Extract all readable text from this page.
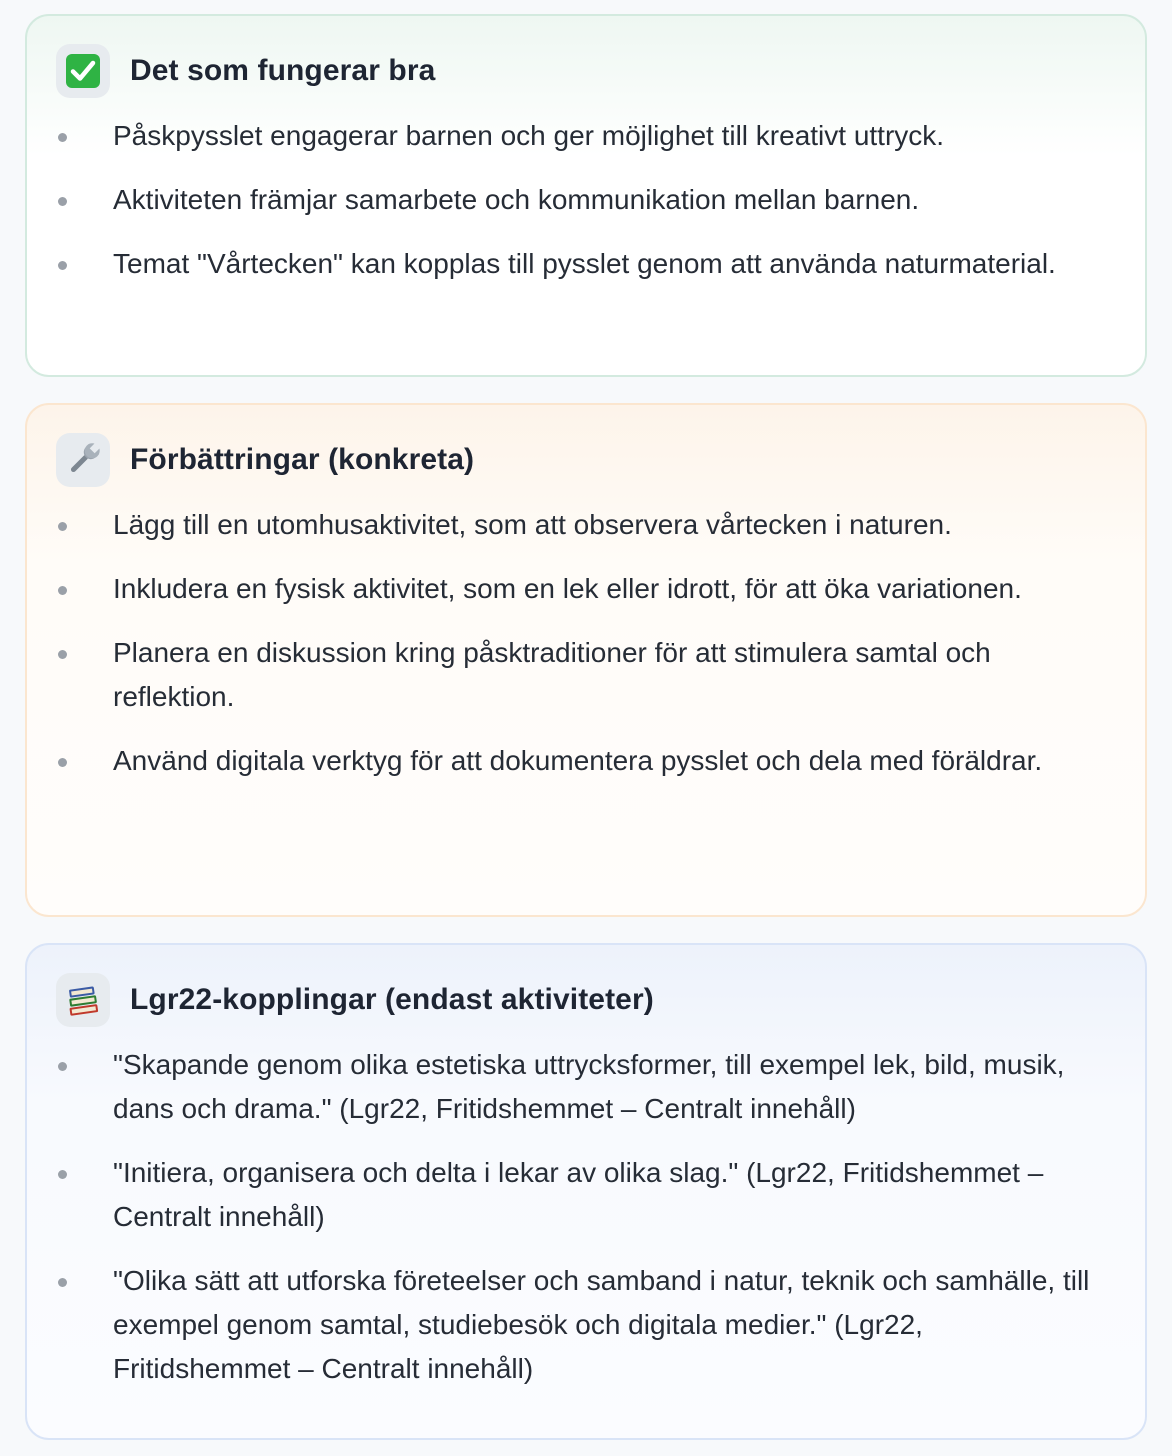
Det som fungerar bra
Påskpysslet engagerar barnen och ger möjlighet till kreativt uttryck.
Aktiviteten främjar samarbete och kommunikation mellan barnen.
Temat "Vårtecken" kan kopplas till pysslet genom att använda naturmaterial.
Förbättringar (konkreta)
Lägg till en utomhusaktivitet, som att observera vårtecken i naturen.
Inkludera en fysisk aktivitet, som en lek eller idrott, för att öka variationen.
Planera en diskussion kring påsktraditioner för att stimulera samtal och reflektion.
Använd digitala verktyg för att dokumentera pysslet och dela med föräldrar.
Lgr22-kopplingar (endast aktiviteter)
"Skapande genom olika estetiska uttrycksformer, till exempel lek, bild, musik, dans och drama." (Lgr22, Fritidshemmet – Centralt innehåll)
"Initiera, organisera och delta i lekar av olika slag." (Lgr22, Fritidshemmet – Centralt innehåll)
"Olika sätt att utforska företeelser och samband i natur, teknik och samhälle, till exempel genom samtal, studiebesök och digitala medier." (Lgr22, Fritidshemmet – Centralt innehåll)
